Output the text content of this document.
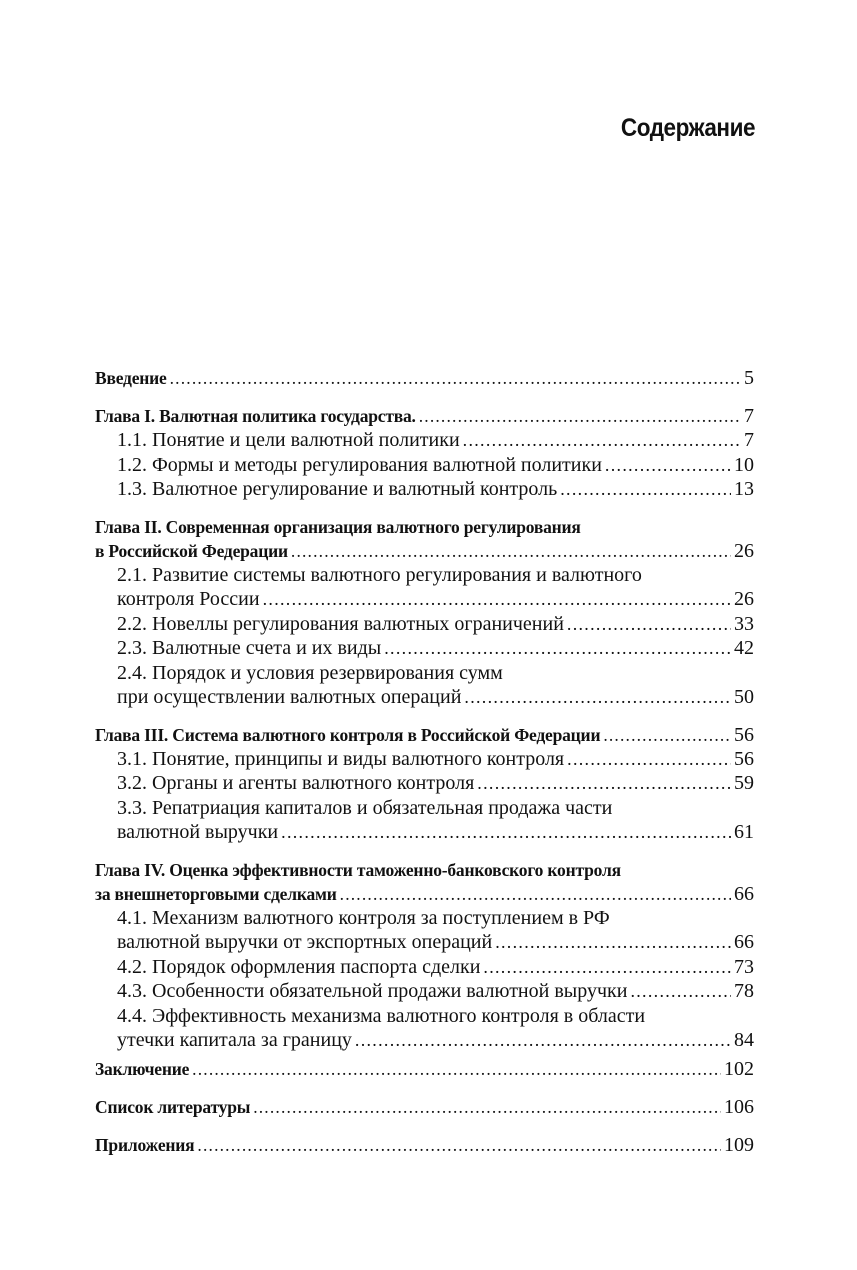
Содержание
Введение . . .	5
Глава I. Валютная политика государства. . . .	7
1.1. Понятие и цели валютной политики . . .	7
1.2. Формы и методы регулирования валютной политики . . .	10
1.3. Валютное регулирование и валютный контроль . . .	13
Глава II. Современная организация валютного регулирования
в Российской Федерации . . .	26
2.1. Развитие системы валютного регулирования и валютного
контроля России . . .	26
2.2. Новеллы регулирования валютных ограничений . . .	33
2.3. Валютные счета и их виды . . .	42
2.4. Порядок и условия резервирования сумм
при осуществлении валютных операций . . .	50
Глава III. Система валютного контроля в Российской Федерации . . .	56
3.1. Понятие, принципы и виды валютного контроля . . .	56
3.2. Органы и агенты валютного контроля . . .	59
3.3. Репатриация капиталов и обязательная продажа части
валютной выручки . . .	61
Глава IV. Оценка эффективности таможенно-банковского контроля
за внешнеторговыми сделками . . .	66
4.1. Механизм валютного контроля за поступлением в РФ
валютной выручки от экспортных операций . . .	66
4.2. Порядок оформления паспорта сделки . . .	73
4.3. Особенности обязательной продажи валютной выручки . . .	78
4.4. Эффективность механизма валютного контроля в области
утечки капитала за границу . . .	84
Заключение . . .	102
Список литературы . . .	106
Приложения . . .	109
